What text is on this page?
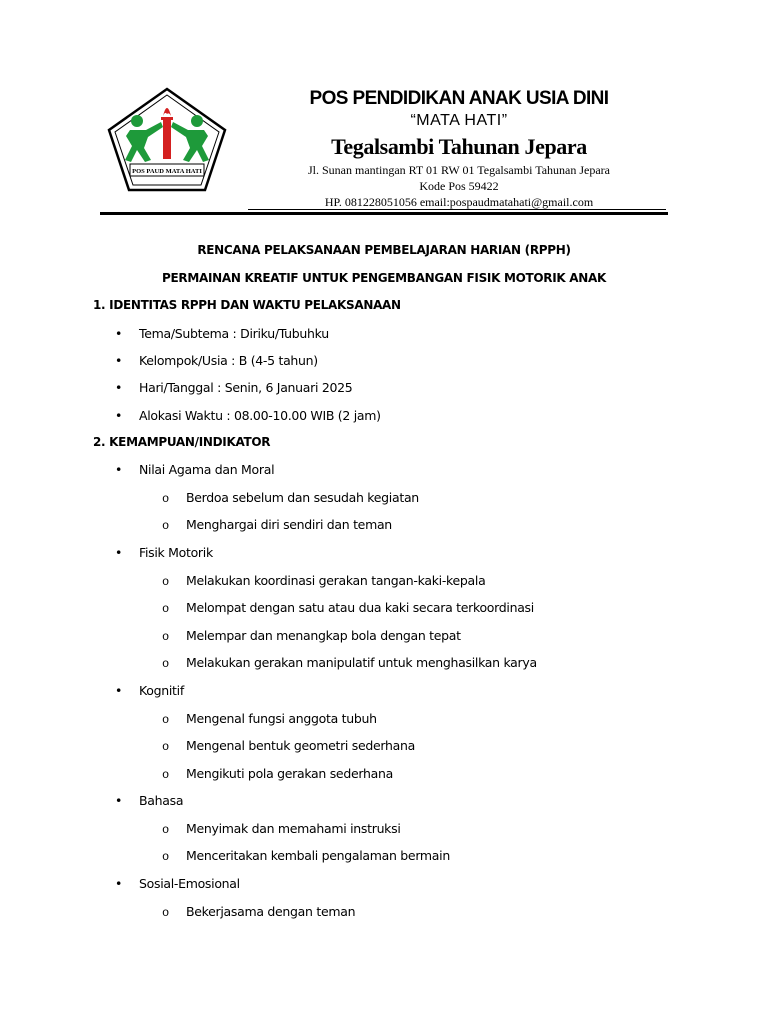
POS PAUD MATA HATI
POS PENDIDIKAN ANAK USIA DINI
“MATA HATI”
Tegalsambi Tahunan Jepara
Jl. Sunan mantingan RT 01 RW 01 Tegalsambi Tahunan Jepara
Kode Pos 59422
HP. 081228051056 email:pospaudmatahati@gmail.com
RENCANA PELAKSANAAN PEMBELAJARAN HARIAN (RPPH)
PERMAINAN KREATIF UNTUK PENGEMBANGAN FISIK MOTORIK ANAK
1. IDENTITAS RPPH DAN WAKTU PELAKSANAAN
• Tema/Subtema : Diriku/Tubuhku
• Kelompok/Usia : B (4-5 tahun)
• Hari/Tanggal : Senin, 6 Januari 2025
• Alokasi Waktu : 08.00-10.00 WIB (2 jam)
2. KEMAMPUAN/INDIKATOR
• Nilai Agama dan Moral
o Berdoa sebelum dan sesudah kegiatan
o Menghargai diri sendiri dan teman
• Fisik Motorik
o Melakukan koordinasi gerakan tangan-kaki-kepala
o Melompat dengan satu atau dua kaki secara terkoordinasi
o Melempar dan menangkap bola dengan tepat
o Melakukan gerakan manipulatif untuk menghasilkan karya
• Kognitif
o Mengenal fungsi anggota tubuh
o Mengenal bentuk geometri sederhana
o Mengikuti pola gerakan sederhana
• Bahasa
o Menyimak dan memahami instruksi
o Menceritakan kembali pengalaman bermain
• Sosial-Emosional
o Bekerjasama dengan teman
